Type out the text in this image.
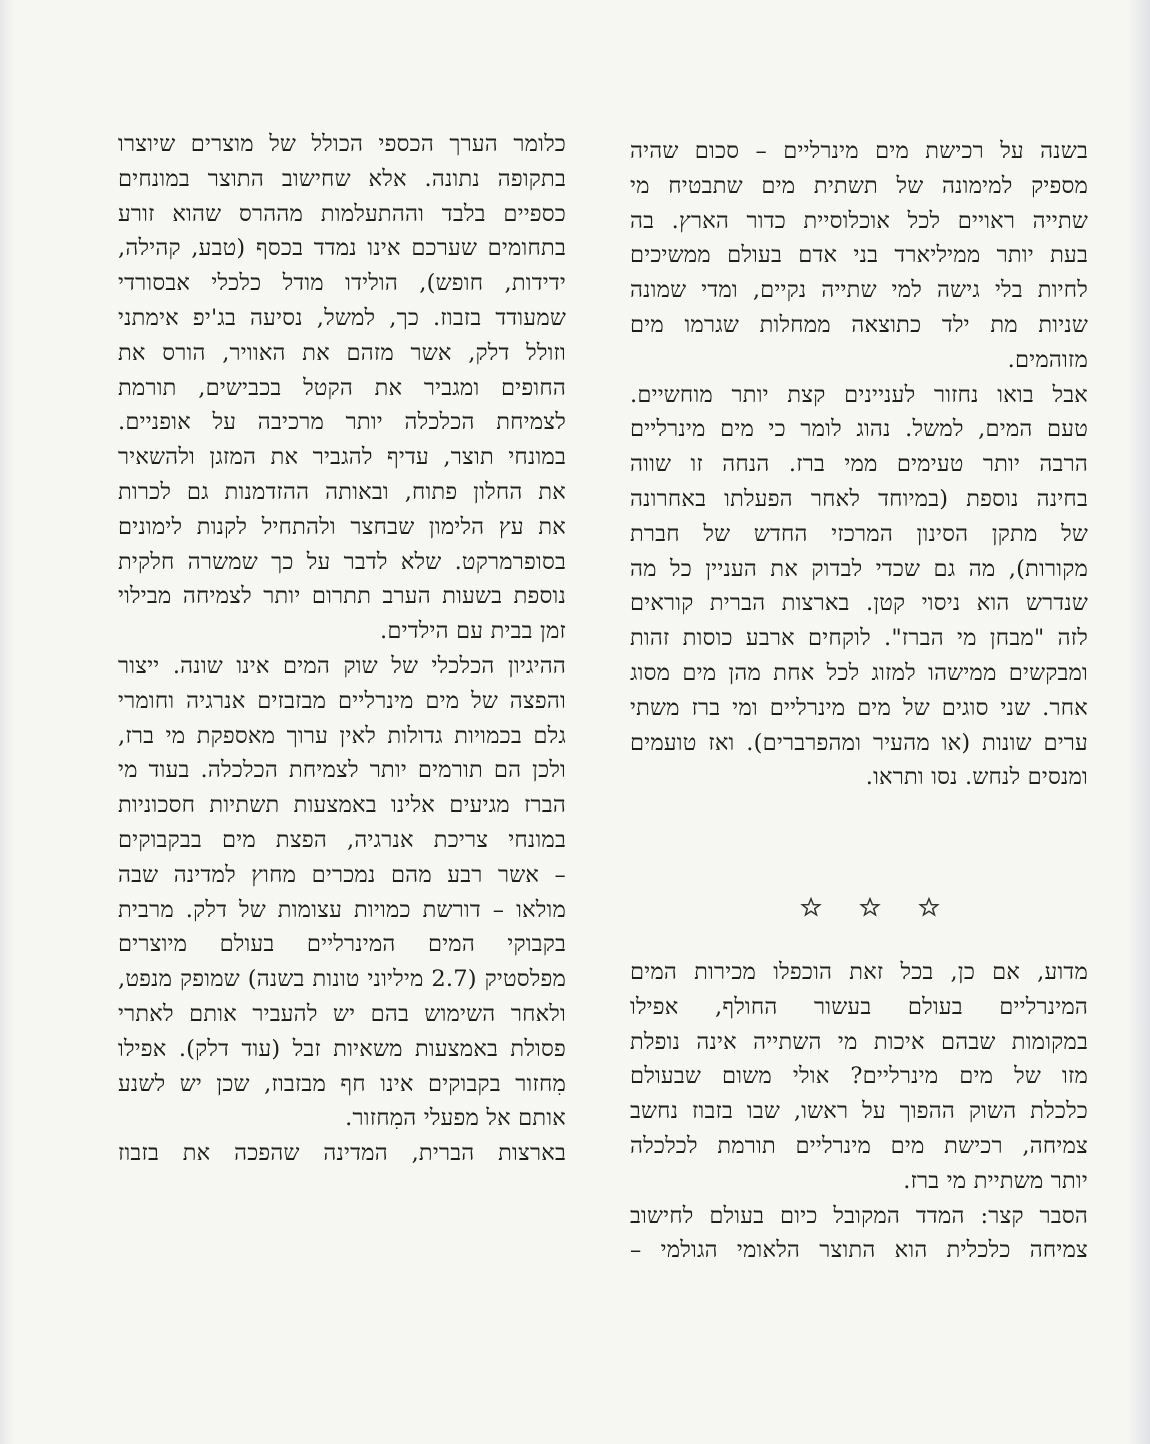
בשנה על רכישת מים מינרליים – סכום שהיה
מספיק למימונה של תשתית מים שתבטיח מי
שתייה ראויים לכל אוכלוסיית כדור הארץ. בה
בעת יותר ממיליארד בני אדם בעולם ממשיכים
לחיות בלי גישה למי שתייה נקיים, ומדי שמונה
שניות מת ילד כתוצאה ממחלות שגרמו מים
מזוהמים.
אבל בואו נחזור לעניינים קצת יותר מוחשיים.
טעם המים, למשל. נהוג לומר כי מים מינרליים
הרבה יותר טעימים ממי ברז. הנחה זו שווה
בחינה נוספת (במיוחד לאחר הפעלתו באחרונה
של מתקן הסינון המרכזי החדש של חברת
מקורות), מה גם שכדי לבדוק את העניין כל מה
שנדרש הוא ניסוי קטן. בארצות הברית קוראים
לזה "מבחן מי הברז". לוקחים ארבע כוסות זהות
ומבקשים ממישהו למזוג לכל אחת מהן מים מסוג
אחר. שני סוגים של מים מינרליים ומי ברז משתי
ערים שונות (או מהעיר ומהפרברים). ואז טועמים
ומנסים לנחש. נסו ותראו.
מדוע, אם כן, בכל זאת הוכפלו מכירות המים
המינרליים בעולם בעשור החולף, אפילו
במקומות שבהם איכות מי השתייה אינה נופלת
מזו של מים מינרליים? אולי משום שבעולם
כלכלת השוק ההפוך על ראשו, שבו בזבוז נחשב
צמיחה, רכישת מים מינרליים תורמת לכלכלה
יותר משתיית מי ברז.
הסבר קצר: המדד המקובל כיום בעולם לחישוב
צמיחה כלכלית הוא התוצר הלאומי הגולמי –
כלומר הערך הכספי הכולל של מוצרים שיוצרו
בתקופה נתונה. אלא שחישוב התוצר במונחים
כספיים בלבד וההתעלמות מההרס שהוא זורע
בתחומים שערכם אינו נמדד בכסף (טבע, קהילה,
ידידות, חופש), הולידו מודל כלכלי אבסורדי
שמעודד בזבוז. כך, למשל, נסיעה בג'יפ אימתני
וזולל דלק, אשר מזהם את האוויר, הורס את
החופים ומגביר את הקטל בכבישים, תורמת
לצמיחת הכלכלה יותר מרכיבה על אופניים.
במונחי תוצר, עדיף להגביר את המזגן ולהשאיר
את החלון פתוח, ובאותה ההזדמנות גם לכרות
את עץ הלימון שבחצר ולהתחיל לקנות לימונים
בסופרמרקט. שלא לדבר על כך שמשרה חלקית
נוספת בשעות הערב תתרום יותר לצמיחה מבילוי
זמן בבית עם הילדים.
ההיגיון הכלכלי של שוק המים אינו שונה. ייצור
והפצה של מים מינרליים מבזבזים אנרגיה וחומרי
גלם בכמויות גדולות לאין ערוך מאספקת מי ברז,
ולכן הם תורמים יותר לצמיחת הכלכלה. בעוד מי
הברז מגיעים אלינו באמצעות תשתיות חסכוניות
במונחי צריכת אנרגיה, הפצת מים בבקבוקים
– אשר רבע מהם נמכרים מחוץ למדינה שבה
מולאו – דורשת כמויות עצומות של דלק. מרבית
בקבוקי המים המינרליים בעולם מיוצרים
מפלסטיק (2.7 מיליוני טונות בשנה) שמופק מנפט,
ולאחר השימוש בהם יש להעביר אותם לאתרי
פסולת באמצעות משאיות זבל (עוד דלק). אפילו
מִחזור בקבוקים אינו חף מבזבוז, שכן יש לשנע
אותם אל מפעלי המִחזור.
בארצות הברית, המדינה שהפכה את בזבוז
